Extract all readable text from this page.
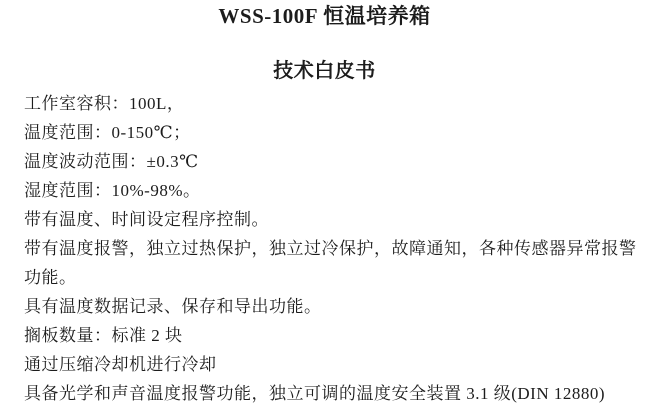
WSS-100F 恒温培养箱
技术白皮书
工作室容积：100L，
温度范围：0-150℃；
温度波动范围：±0.3℃
湿度范围：10%-98%。
带有温度、时间设定程序控制。
带有温度报警，独立过热保护，独立过冷保护，故障通知，各种传感器异常报警
功能。
具有温度数据记录、保存和导出功能。
搁板数量：标准 2 块
通过压缩冷却机进行冷却
具备光学和声音温度报警功能，独立可调的温度安全装置 3.1 级(DIN 12880)
